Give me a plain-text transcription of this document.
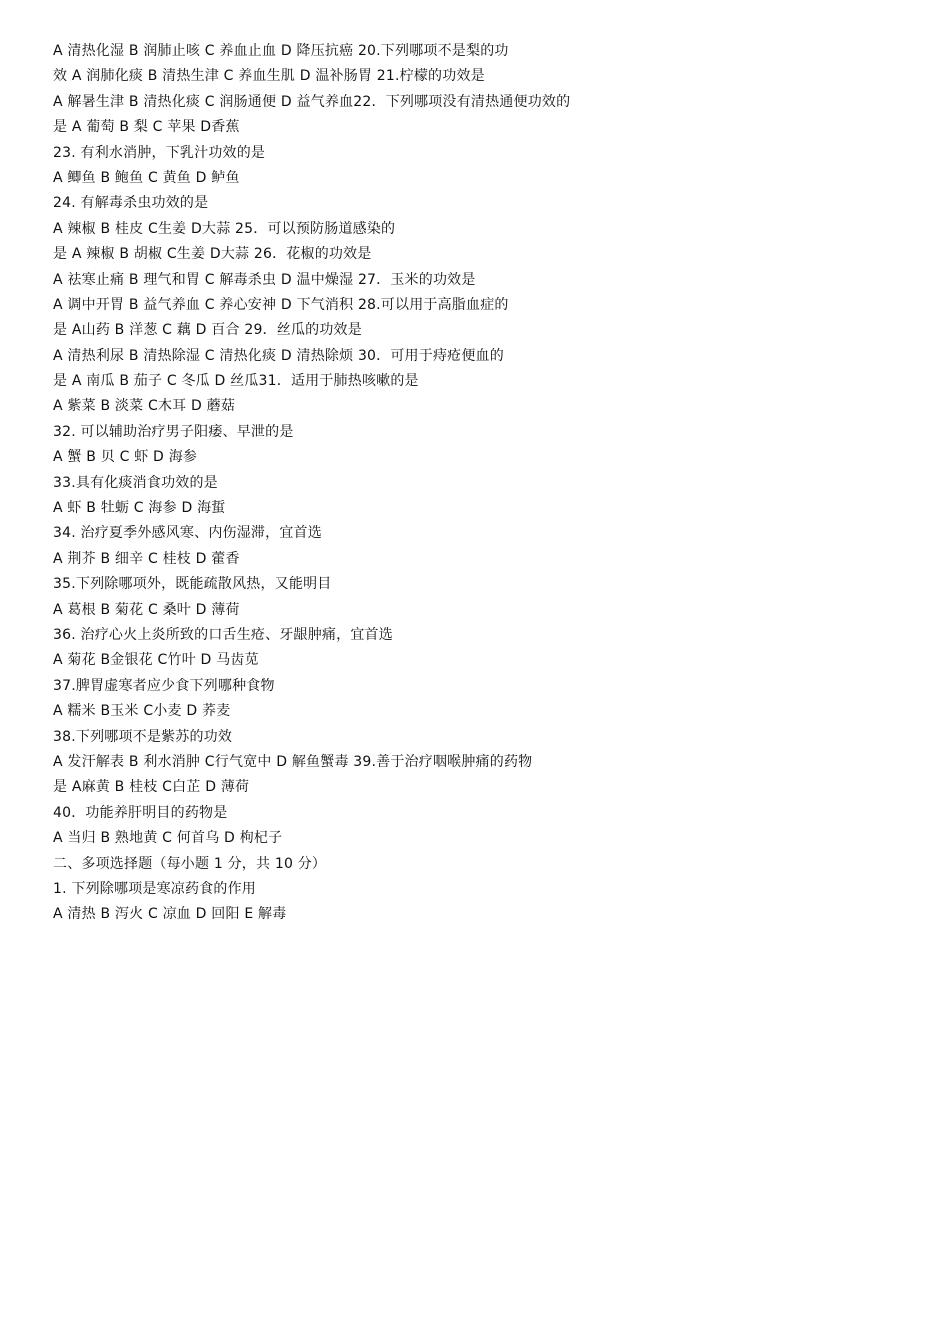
A 清热化湿 B 润肺止咳 C 养血止血 D 降压抗癌 20.下列哪项不是梨的功
效 A 润肺化痰 B 清热生津 C 养血生肌 D 温补肠胃 21.柠檬的功效是
A 解暑生津 B 清热化痰 C 润肠通便 D 益气养血22．下列哪项没有清热通便功效的
是 A 葡萄 B 梨 C 苹果 D香蕉
23. 有利水消肿，下乳汁功效的是
A 鲫鱼 B 鲍鱼 C 黄鱼 D 鲈鱼
24. 有解毒杀虫功效的是
A 辣椒 B 桂皮 C生姜 D大蒜 25．可以预防肠道感染的
是 A 辣椒 B 胡椒 C生姜 D大蒜 26．花椒的功效是
A 祛寒止痛 B 理气和胃 C 解毒杀虫 D 温中燥湿 27．玉米的功效是
A 调中开胃 B 益气养血 C 养心安神 D 下气消积 28.可以用于高脂血症的
是 A山药 B 洋葱 C 藕 D 百合 29．丝瓜的功效是
A 清热利尿 B 清热除湿 C 清热化痰 D 清热除烦 30．可用于痔疮便血的
是 A 南瓜 B 茄子 C 冬瓜 D 丝瓜31．适用于肺热咳嗽的是
A 紫菜 B 淡菜 C木耳 D 蘑菇
32. 可以辅助治疗男子阳痿、早泄的是
A 蟹 B 贝 C 虾 D 海参
33.具有化痰消食功效的是
A 虾 B 牡蛎 C 海参 D 海蜇
34. 治疗夏季外感风寒、内伤湿滞，宜首选
A 荆芥 B 细辛 C 桂枝 D 藿香
35.下列除哪项外，既能疏散风热，又能明目
A 葛根 B 菊花 C 桑叶 D 薄荷
36. 治疗心火上炎所致的口舌生疮、牙龈肿痛，宜首选
A 菊花 B金银花 C竹叶 D 马齿苋
37.脾胃虚寒者应少食下列哪种食物
A 糯米 B玉米 C小麦 D 荞麦
38.下列哪项不是紫苏的功效
A 发汗解表 B 利水消肿 C行气宽中 D 解鱼蟹毒 39.善于治疗咽喉肿痛的药物
是 A麻黄 B 桂枝 C白芷 D 薄荷
40．功能养肝明目的药物是
A 当归 B 熟地黄 C 何首乌 D 枸杞子
二、多项选择题（每小题 1 分，共 10 分）
1. 下列除哪项是寒凉药食的作用
A 清热 B 泻火 C 凉血 D 回阳 E 解毒
